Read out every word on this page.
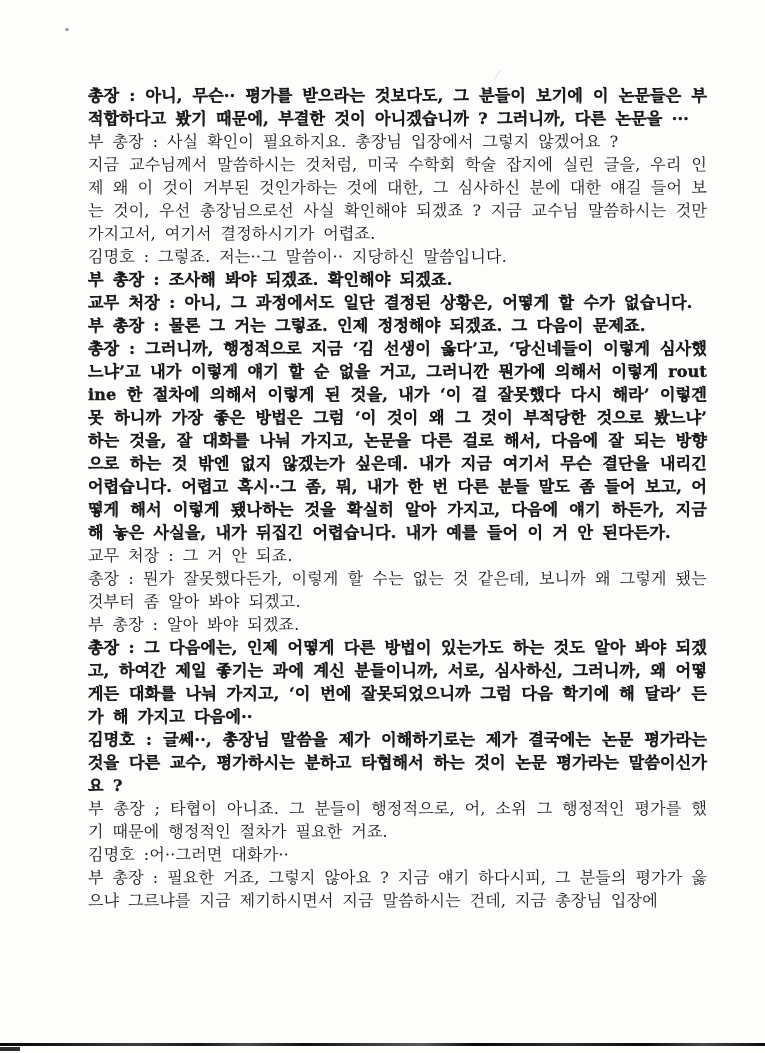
총장 : 아니, 무슨·· 평가를 받으라는 것보다도, 그 분들이 보기에 이 논문들은 부적합하다고 봤기 때문에, 부결한 것이 아니겠습니까 ? 그러니까, 다른 논문을 ···

부 총장 : 사실 확인이 필요하지요. 총장님 입장에서 그렇지 않겠어요 ?

지금 교수님께서 말씀하시는 것처럼, 미국 수학회 학술 잡지에 실린 글을, 우리 인제 왜 이 것이 거부된 것인가하는 것에 대한, 그 심사하신 분에 대한 얘길 들어 보는 것이, 우선 총장님으로선 사실 확인해야 되겠죠 ? 지금 교수님 말씀하시는 것만 가지고서, 여기서 결정하시기가 어렵죠.

김명호 : 그렇죠. 저는··그 말씀이·· 지당하신 말씀입니다.

부 총장 : 조사해 봐야 되겠죠. 확인해야 되겠죠.

교무 처장 : 아니, 그 과정에서도 일단 결정된 상황은, 어떻게 할 수가 없습니다.

부 총장 : 물론 그 거는 그렇죠. 인제 정정해야 되겠죠. 그 다음이 문제죠.

총장 : 그러니까, 행정적으로 지금 ‘김 선생이 옳다’고, ‘당신네들이 이렇게 심사했느냐’고 내가 이렇게 얘기 할 순 없을 거고, 그러니깐 뭔가에 의해서 이렇게 routine 한 절차에 의해서 이렇게 된 것을, 내가 ‘이 걸 잘못했다 다시 해라’ 이렇겐 못 하니까 가장 좋은 방법은 그럼 ‘이 것이 왜 그 것이 부적당한 것으로 봤느냐’ 하는 것을, 잘 대화를 나눠 가지고, 논문을 다른 걸로 해서, 다음에 잘 되는 방향으로 하는 것 밖엔 없지 않겠는가 싶은데. 내가 지금 여기서 무슨 결단을 내리긴 어렵습니다. 어렵고 혹시··그 좀, 뭐, 내가 한 번 다른 분들 말도 좀 들어 보고, 어떻게 해서 이렇게 됐나하는 것을 확실히 알아 가지고, 다음에 얘기 하든가, 지금 해 놓은 사실을, 내가 뒤집긴 어렵습니다. 내가 예를 들어 이 거 안 된다든가.

교무 처장 : 그 거 안 되죠.

총장 : 뭔가 잘못했다든가, 이렇게 할 수는 없는 것 같은데, 보니까 왜 그렇게 됐는 것부터 좀 알아 봐야 되겠고.

부 총장 : 알아 봐야 되겠죠.

총장 : 그 다음에는, 인제 어떻게 다른 방법이 있는가도 하는 것도 알아 봐야 되겠고, 하여간 제일 좋기는 과에 계신 분들이니까, 서로, 심사하신, 그러니까, 왜 어떻게든 대화를 나눠 가지고, ‘이 번에 잘못되었으니까 그럼 다음 학기에 해 달라’ 든가 해 가지고 다음에··

김명호 : 글쎄··, 총장님 말씀을 제가 이해하기로는 제가 결국에는 논문 평가라는 것을 다른 교수, 평가하시는 분하고 타협해서 하는 것이 논문 평가라는 말씀이신가요 ?

부 총장 ; 타협이 아니죠. 그 분들이 행정적으로, 어, 소위 그 행정적인 평가를 했기 때문에 행정적인 절차가 필요한 거죠.

김명호 :어··그러면 대화가··

부 총장 : 필요한 거죠, 그렇지 않아요 ? 지금 얘기 하다시피, 그 분들의 평가가 옳으냐 그르냐를 지금 제기하시면서 지금 말씀하시는 건데, 지금 총장님 입장에
